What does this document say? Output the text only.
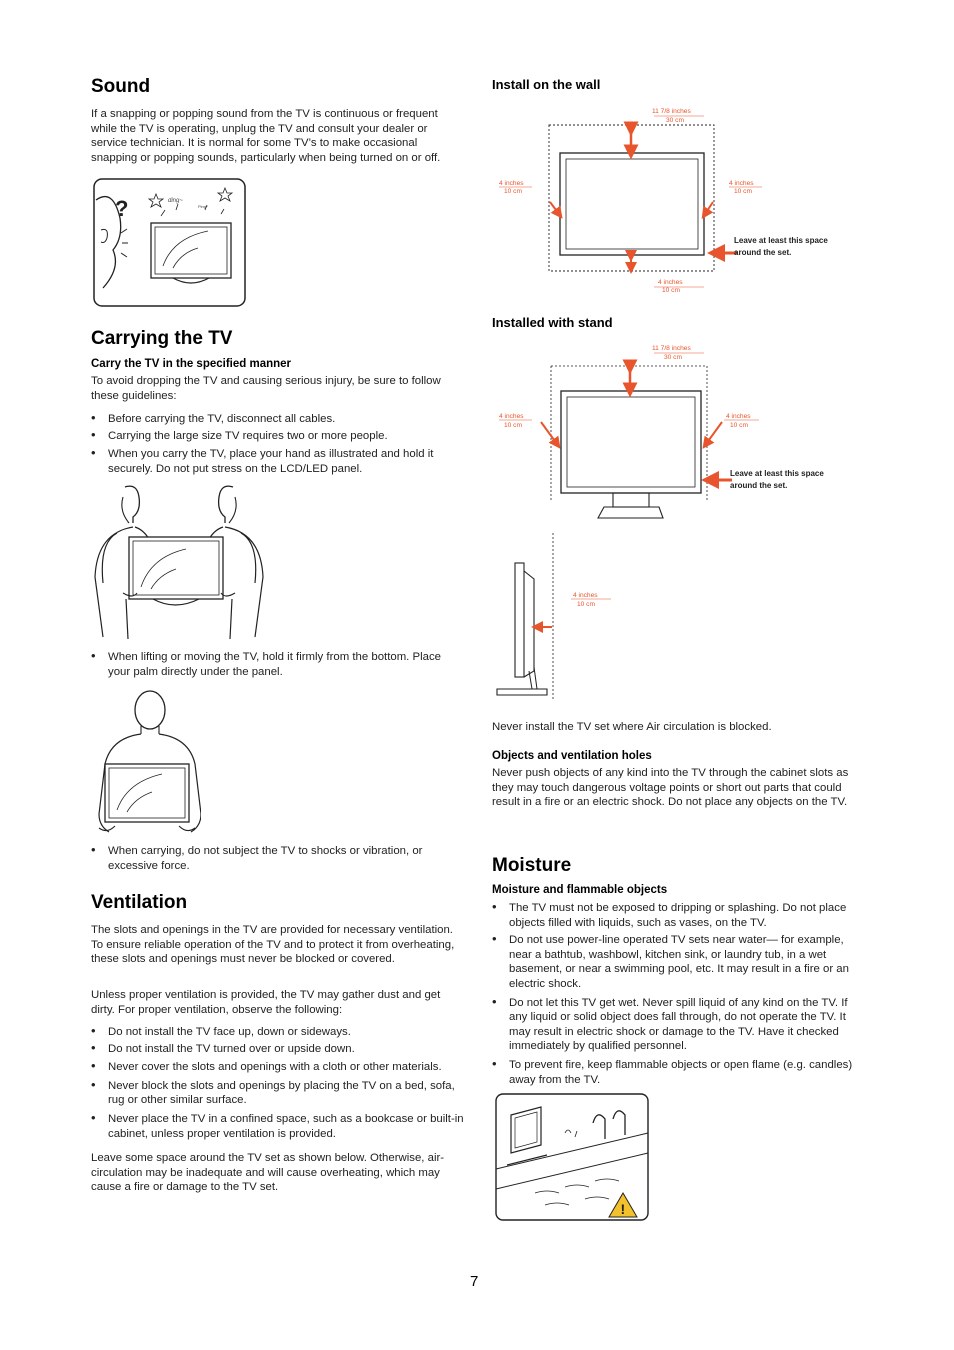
Sound

If a snapping or popping sound from the TV is continuous or frequent while the TV is operating, unplug the TV and consult your dealer or service technician. It is normal for some TV’s to make occasional snapping or popping sounds, particularly when being turned on or off.

?	ding~
Ping~
Carrying the TV
Carry the TV in the specified manner

To avoid dropping the TV and causing serious injury, be sure to follow these guidelines:

• Before carrying the TV, disconnect all cables.
• Carrying the large size TV requires two or more people.
• When you carry the TV, place your hand as illustrated and hold it securely. Do not put stress on the LCD/LED panel.
• When lifting or moving the TV, hold it firmly from the bottom. Place your palm directly under the panel.
• When carrying, do not subject the TV to shocks or vibration, or excessive force.
Ventilation

The slots and openings in the TV are provided for necessary ventilation. To ensure reliable operation of the TV and to protect it from overheating, these slots and openings must never be blocked or covered.

Unless proper ventilation is provided, the TV may gather dust and get dirty. For proper ventilation, observe the following:

• Do not install the TV face up, down or sideways.
• Do not install the TV turned over or upside down.
• Never cover the slots and openings with a cloth or other materials.
• Never block the slots and openings by placing the TV on a bed, sofa, rug or other similar surface.
• Never place the TV in a confined space, such as a bookcase or built-in cabinet, unless proper ventilation is provided.

Leave some space around the TV set as shown below. Otherwise, air-circulation may be inadequate and will cause overheating, which may cause a fire or damage to the TV set.

Install on the wall
11 7/8 inches
30 cm
4 inches
10 cm
4 inches
10 cm
4 inches
10 cm
Leave at least this space
around the set.
Installed with stand
11 7/8 inches
30 cm
4 inches
10 cm
4 inches
10 cm
Leave at least this space
around the set.
4 inches
10 cm

Never install the TV set where Air circulation is blocked.

Objects and ventilation holes

Never push objects of any kind into the TV through the cabinet slots as they may touch dangerous voltage points or short out parts that could result in a fire or an electric shock. Do not place any objects on the TV.

Moisture
Moisture and flammable objects
• The TV must not be exposed to dripping or splashing. Do not place objects filled with liquids, such as vases, on the TV.
• Do not use power-line operated TV sets near water— for example, near a bathtub, washbowl, kitchen sink, or laundry tub, in a wet basement, or near a swimming pool, etc. It may result in a fire or an electric shock.
• Do not let this TV get wet. Never spill liquid of any kind on the TV. If any liquid or solid object does fall through, do not operate the TV. It may result in electric shock or damage to the TV. Have it checked immediately by qualified personnel.
• To prevent fire, keep flammable objects or open flame (e.g. candles) away from the TV.
!
7
